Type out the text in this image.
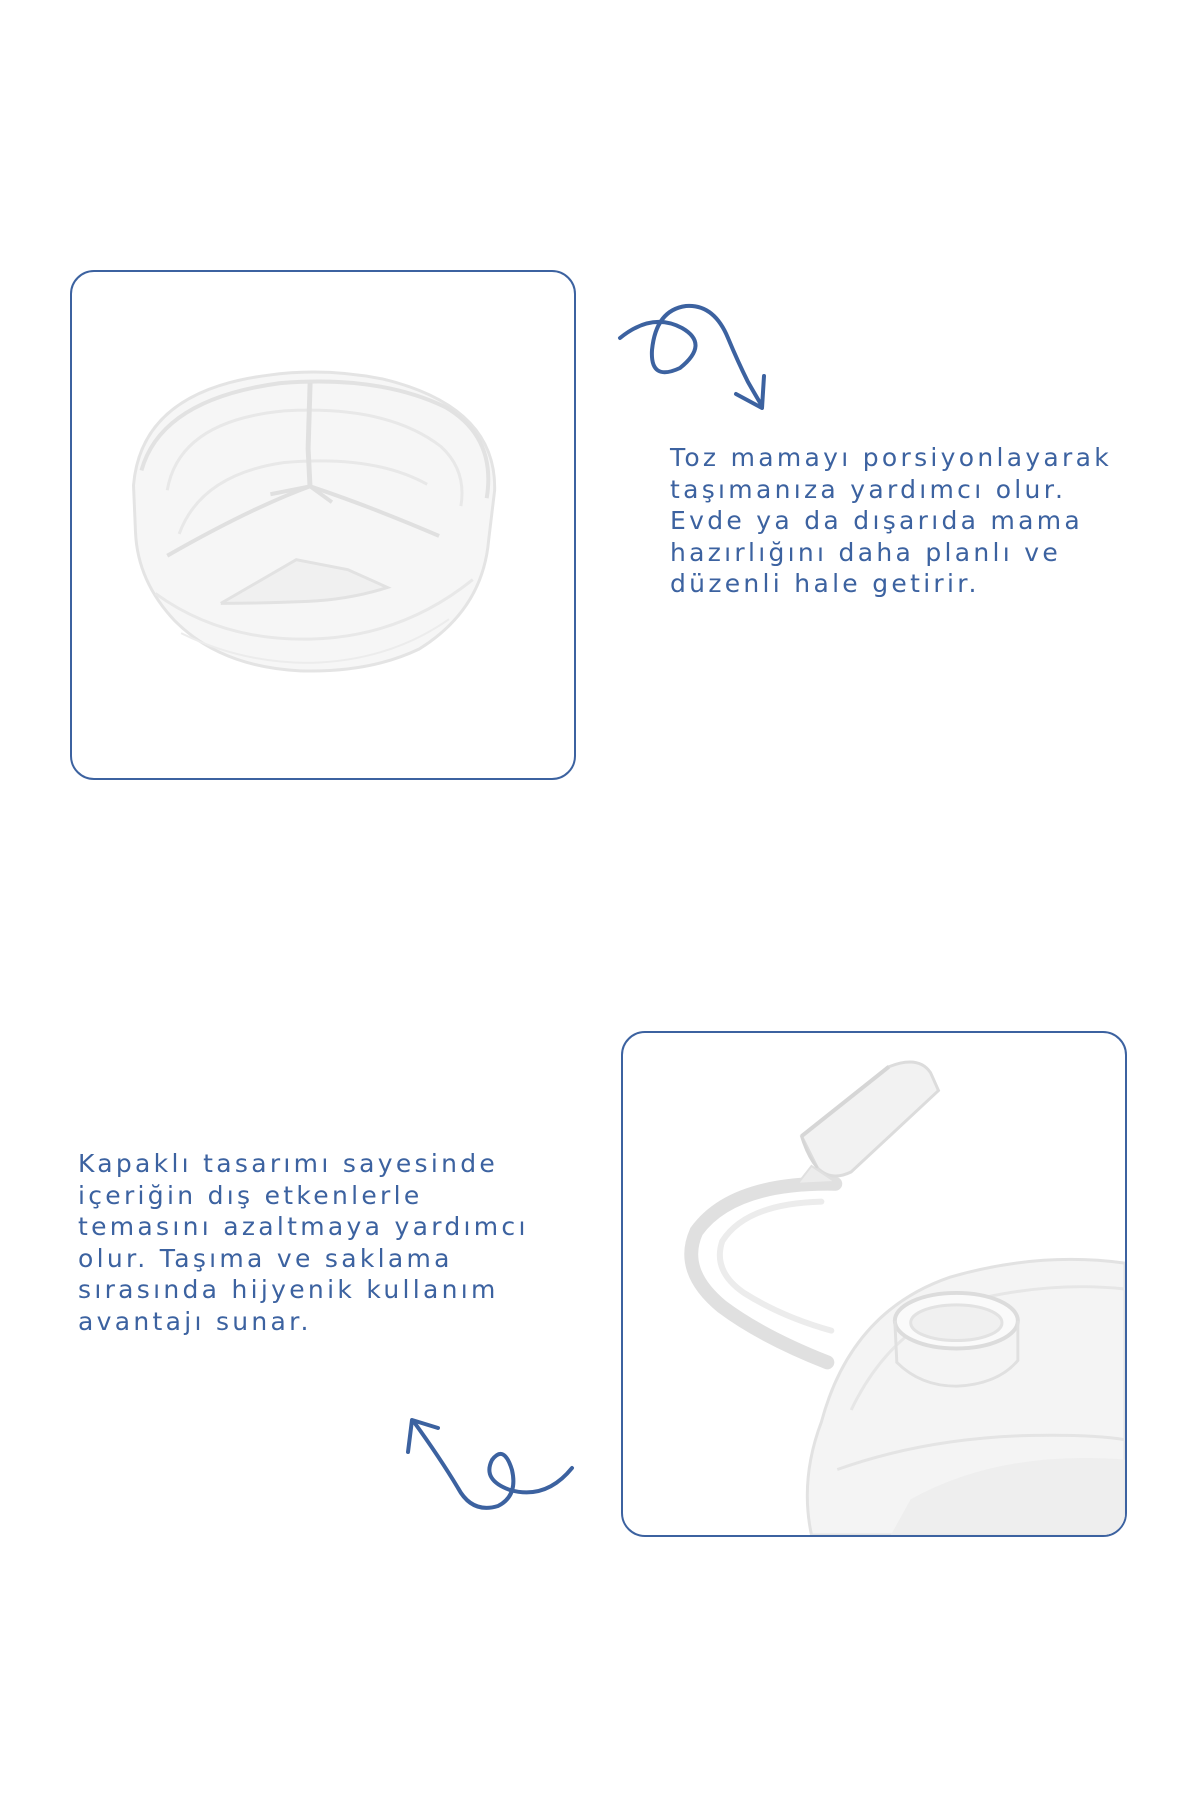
Toz mamayı porsiyonlayarak
taşımanıza yardımcı olur.
Evde ya da dışarıda mama
hazırlığını daha planlı ve
düzenli hale getirir.
Kapaklı tasarımı sayesinde
içeriğin dış etkenlerle
temasını azaltmaya yardımcı
olur. Taşıma ve saklama
sırasında hijyenik kullanım
avantajı sunar.
